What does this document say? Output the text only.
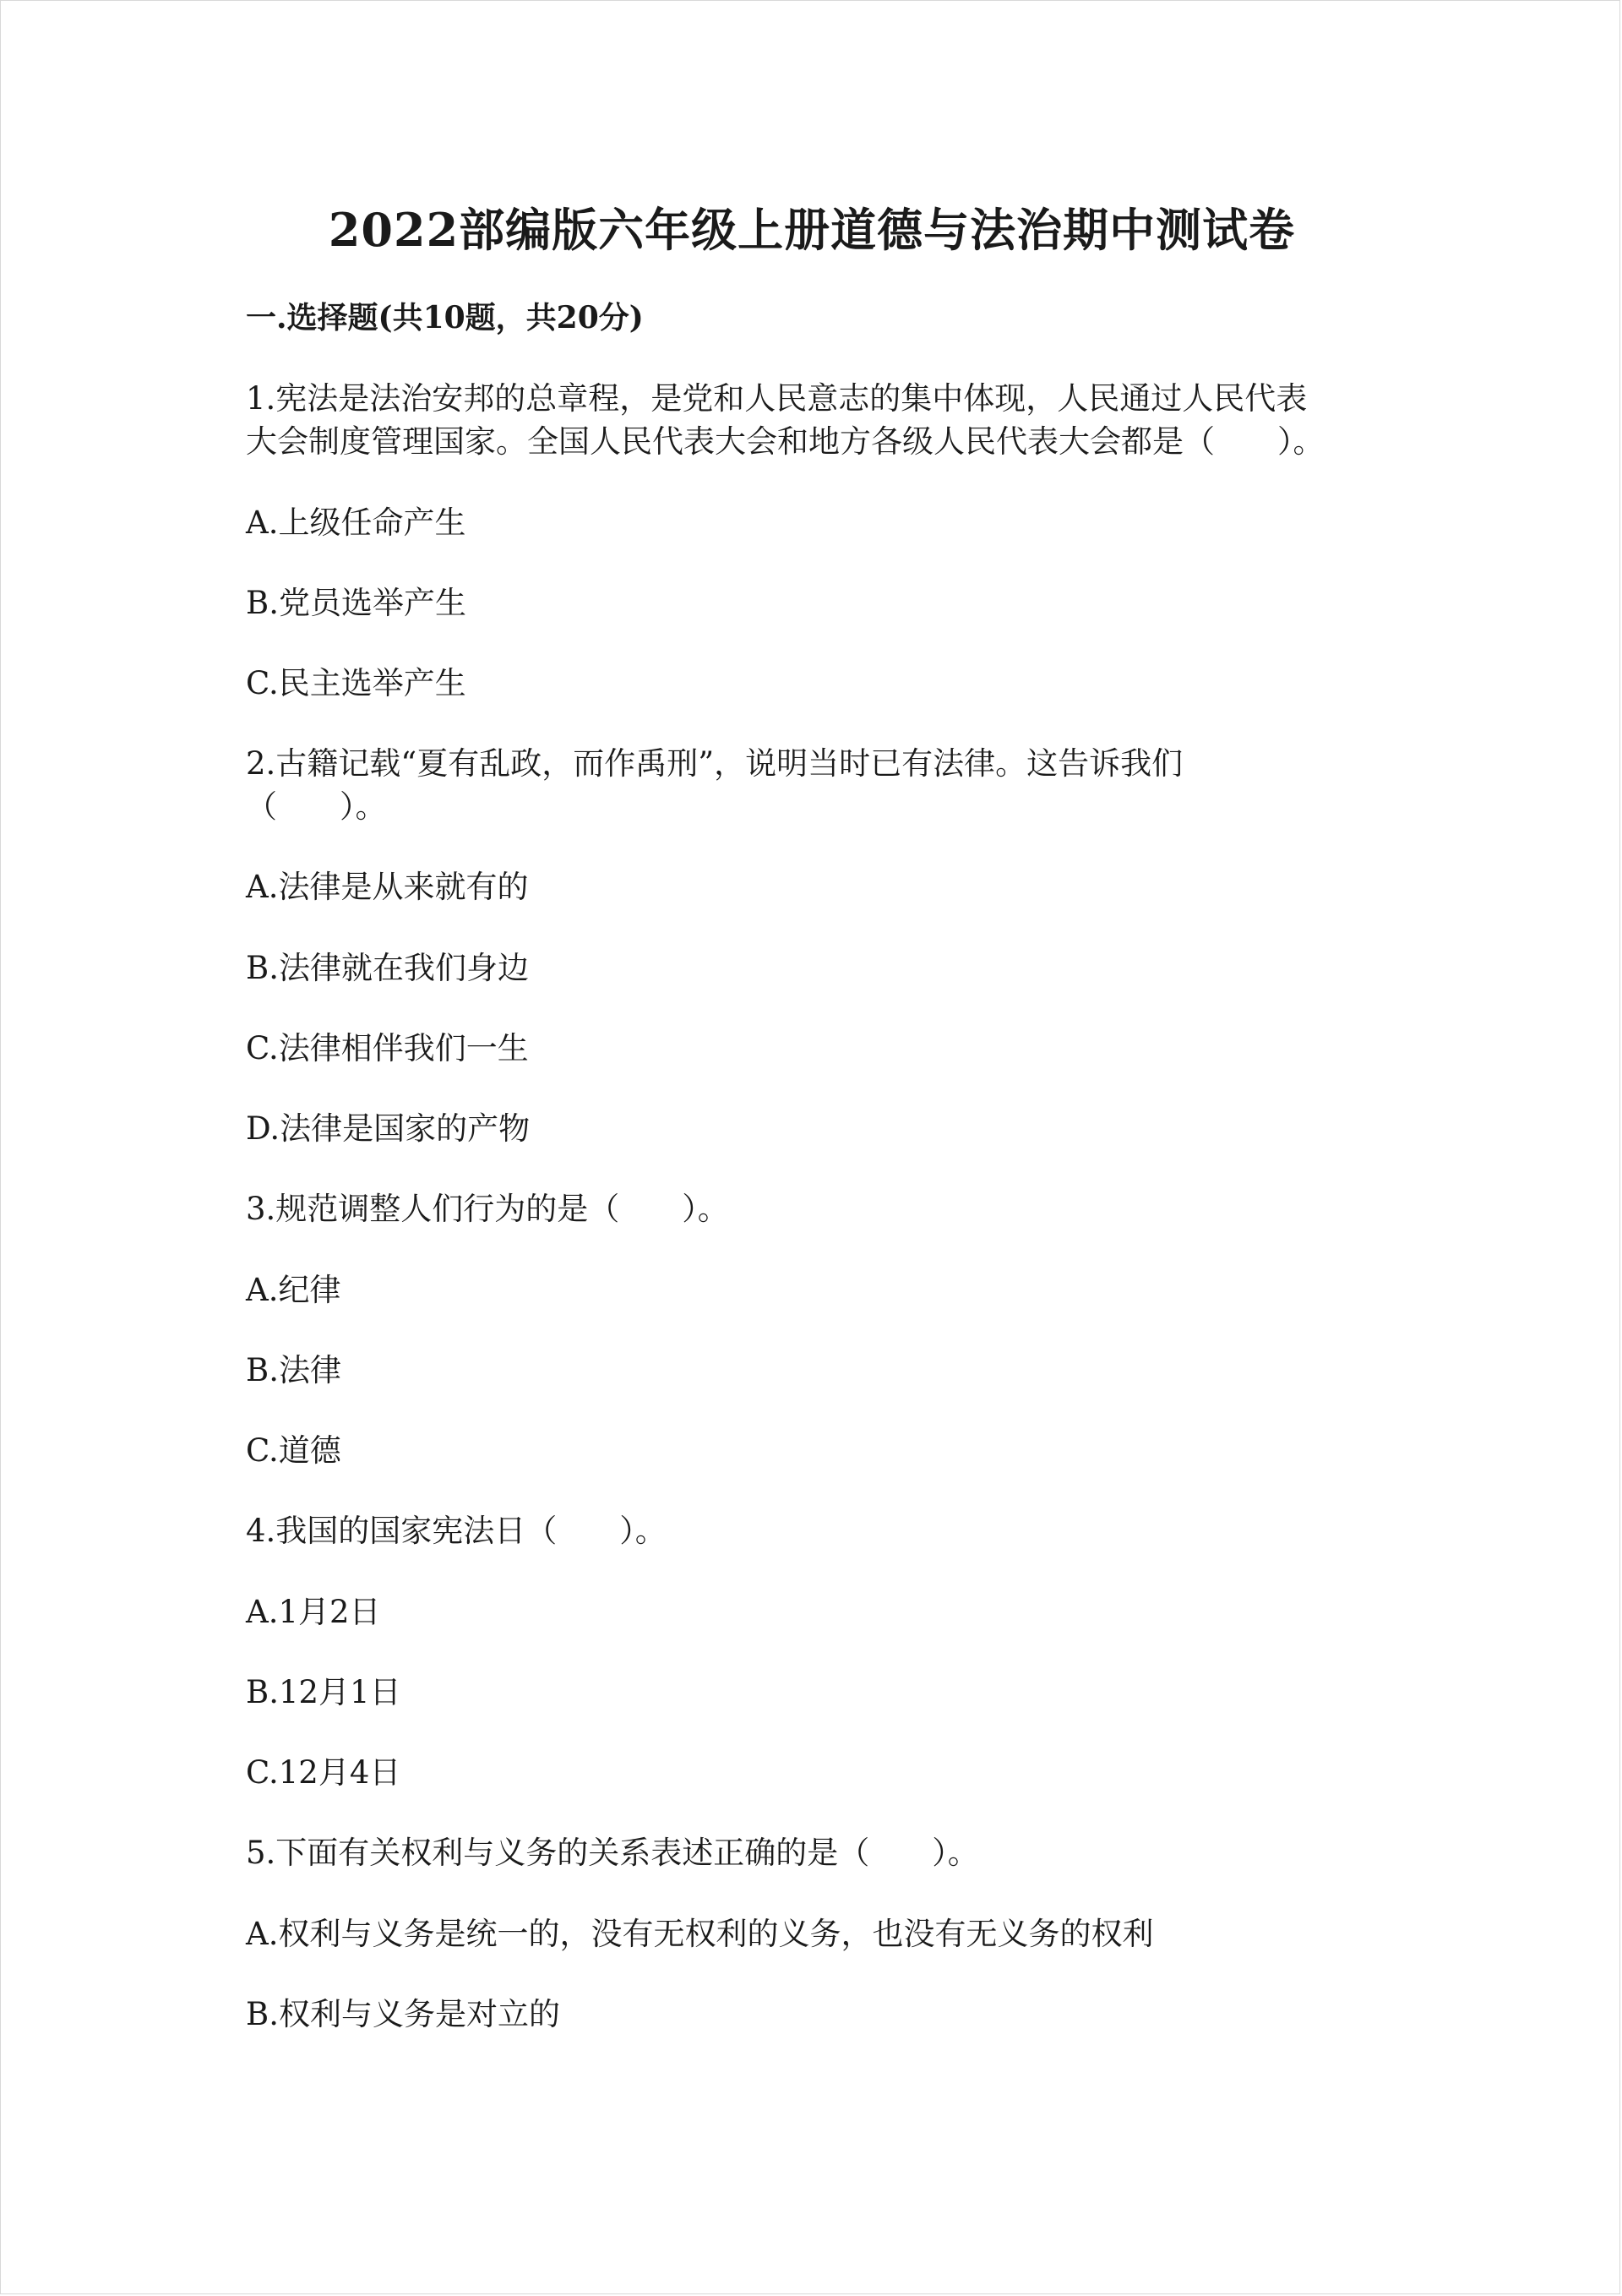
2022部编版六年级上册道德与法治期中测试卷
一.选择题(共10题，共20分)
1.宪法是法治安邦的总章程，是党和人民意志的集中体现，人民通过人民代表
大会制度管理国家。全国人民代表大会和地方各级人民代表大会都是（　　）。
A.上级任命产生
B.党员选举产生
C.民主选举产生
2.古籍记载“夏有乱政，而作禹刑”，说明当时已有法律。这告诉我们
（　　）。
A.法律是从来就有的
B.法律就在我们身边
C.法律相伴我们一生
D.法律是国家的产物
3.规范调整人们行为的是（　　）。
A.纪律
B.法律
C.道德
4.我国的国家宪法日（　　）。
A.1月2日
B.12月1日
C.12月4日
5.下面有关权利与义务的关系表述正确的是（　　）。
A.权利与义务是统一的，没有无权利的义务，也没有无义务的权利
B.权利与义务是对立的
